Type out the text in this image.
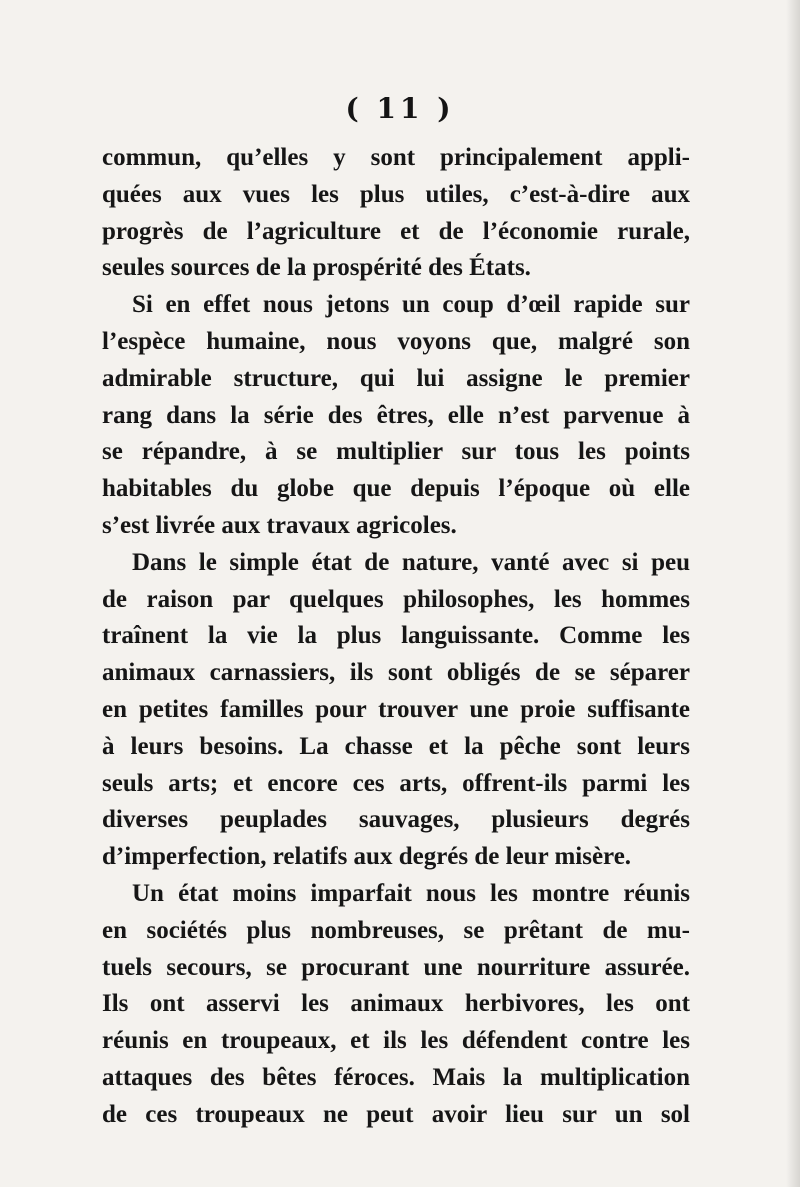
( 11 )
commun, qu’elles y sont principalement appli-
quées aux vues les plus utiles, c’est-à-dire aux
progrès de l’agriculture et de l’économie rurale,
seules sources de la prospérité des États.
Si en effet nous jetons un coup d’œil rapide sur
l’espèce humaine, nous voyons que, malgré son
admirable structure, qui lui assigne le premier
rang dans la série des êtres, elle n’est parvenue à
se répandre, à se multiplier sur tous les points
habitables du globe que depuis l’époque où elle
s’est livrée aux travaux agricoles.
Dans le simple état de nature, vanté avec si peu
de raison par quelques philosophes, les hommes
traînent la vie la plus languissante. Comme les
animaux carnassiers, ils sont obligés de se séparer
en petites familles pour trouver une proie suffisante
à leurs besoins. La chasse et la pêche sont leurs
seuls arts; et encore ces arts, offrent-ils parmi les
diverses peuplades sauvages, plusieurs degrés
d’imperfection, relatifs aux degrés de leur misère.
Un état moins imparfait nous les montre réunis
en sociétés plus nombreuses, se prêtant de mu-
tuels secours, se procurant une nourriture assurée.
Ils ont asservi les animaux herbivores, les ont
réunis en troupeaux, et ils les défendent contre les
attaques des bêtes féroces. Mais la multiplication
de ces troupeaux ne peut avoir lieu sur un sol
